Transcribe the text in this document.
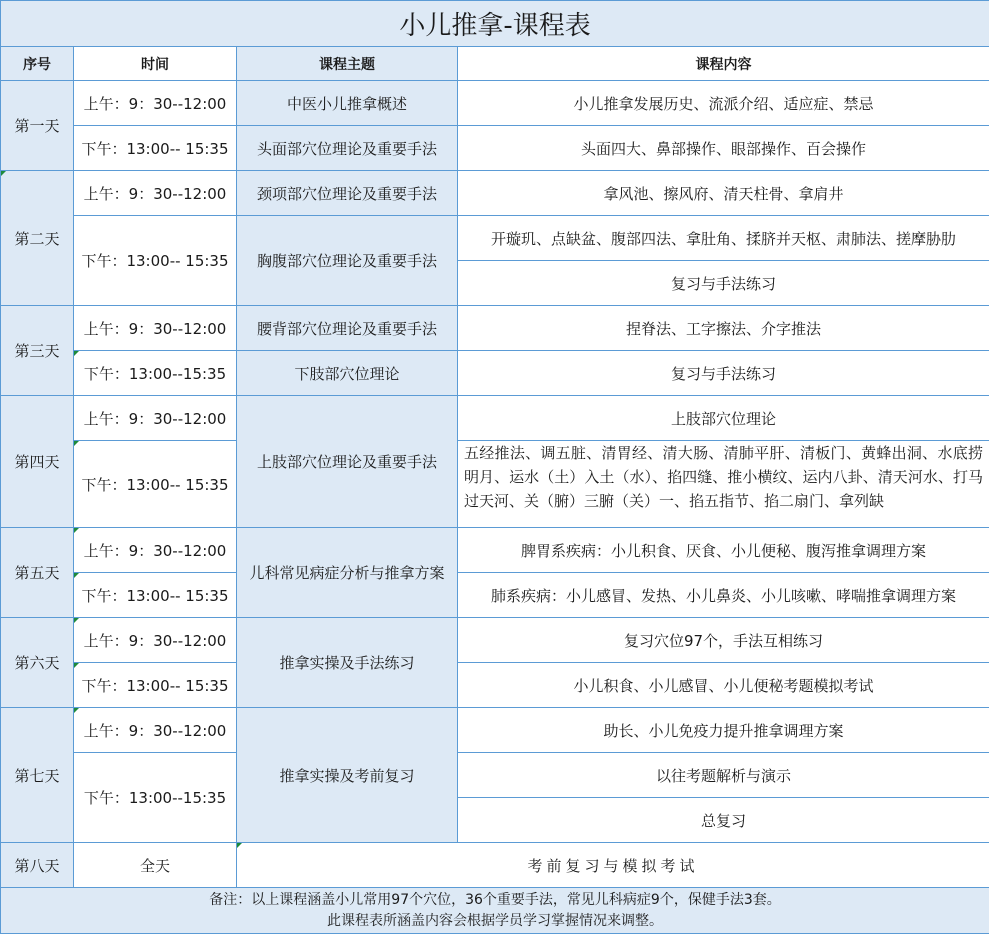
小儿推拿-课程表			
序号	时间	课程主题	课程内容
第一天	上午：9：30--12:00	中医小儿推拿概述	小儿推拿发展历史、流派介绍、适应症、禁忌
	下午：13:00-- 15:35	头面部穴位理论及重要手法	头面四大、鼻部操作、眼部操作、百会操作
第二天	上午：9：30--12:00	颈项部穴位理论及重要手法	拿风池、擦风府、清天柱骨、拿肩井
	下午：13:00-- 15:35	胸腹部穴位理论及重要手法	开璇玑、点缺盆、腹部四法、拿肚角、揉脐并天枢、肃肺法、搓摩胁肋
			复习与手法练习
第三天	上午：9：30--12:00	腰背部穴位理论及重要手法	捏脊法、工字擦法、介字推法
	下午：13:00--15:35	下肢部穴位理论	复习与手法练习
第四天	上午：9：30--12:00	上肢部穴位理论及重要手法	上肢部穴位理论
	下午：13:00-- 15:35		五经推法、调五脏、清胃经、清大肠、清肺平肝、清板门、黄蜂出洞、水底捞明月、运水（土）入土（水）、掐四缝、推小横纹、运内八卦、清天河水、打马过天河、关（腑）三腑（关）一、掐五指节、掐二扇门、拿列缺

第五天	上午：9：30--12:00	儿科常见病症分析与推拿方案	脾胃系疾病：小儿积食、厌食、小儿便秘、腹泻推拿调理方案
	下午：13:00-- 15:35		肺系疾病：小儿感冒、发热、小儿鼻炎、小儿咳嗽、哮喘推拿调理方案
第六天	上午：9：30--12:00	推拿实操及手法练习	复习穴位97个，手法互相练习
	下午：13:00-- 15:35		小儿积食、小儿感冒、小儿便秘考题模拟考试
第七天	上午：9：30--12:00	推拿实操及考前复习	助长、小儿免疫力提升推拿调理方案
	下午：13:00--15:35		以往考题解析与演示
			总复习
第八天	全天	考前复习与模拟考试	

备注：以上课程涵盖小儿常用97个穴位，36个重要手法，常见儿科病症9个，保健手法3套。
此课程表所涵盖内容会根据学员学习掌握情况来调整。			
